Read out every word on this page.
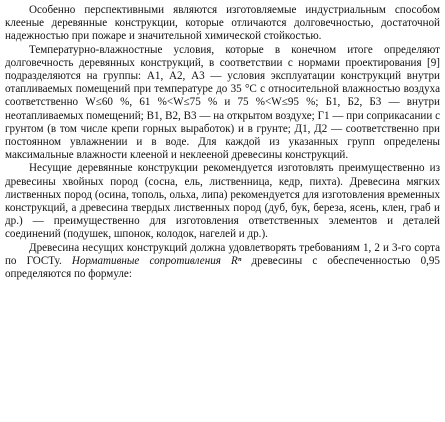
Особенно перспективными являются изготовляемые индустриальным способом клееные деревянные конструкции, которые отличаются долговечностью, достаточной надежностью при пожаре и значительной химической стойкостью.

Температурно-влажностные условия, которые в конечном итоге определяют долговечность деревянных конструкций, в соответствии с нормами проектирования [9] подразделяются на группы: А1, А2, А3 — условия эксплуатации конструкций внутри отапливаемых помещений при температуре до 35 °С с относительной влажностью воздуха соответственно W≤60 %, 61 %<W≤75 % и 75 %<W≤95 %; Б1, Б2, Б3 — внутри неотапливаемых помещений; В1, В2, В3 — на открытом воздухе; Г1 — при соприкасании с грунтом (в том числе крепи горных выработок) и в грунте; Д1, Д2 — соответственно при постоянном увлажнении и в воде. Для каждой из указанных групп определены максимальные влажности клееной и неклееной древесины конструкций.

Несущие деревянные конструкции рекомендуется изготовлять преимущественно из древесины хвойных пород (сосна, ель, лиственница, кедр, пихта). Древесина мягких лиственных пород (осина, тополь, ольха, липа) рекомендуется для изготовления временных конструкций, а древесина твердых лиственных пород (дуб, бук, береза, ясень, клен, граб и др.) — преимущественно для изготовления ответственных элементов и деталей соединений (подушек, шпонок, колодок, нагелей и др.).

Древесина несущих конструкций должна удовлетворять требованиям 1, 2 и 3-го сорта по ГОСТу. Нормативные сопротивления Rⁿ древесины с обеспеченностью 0,95 определяются по формуле:
